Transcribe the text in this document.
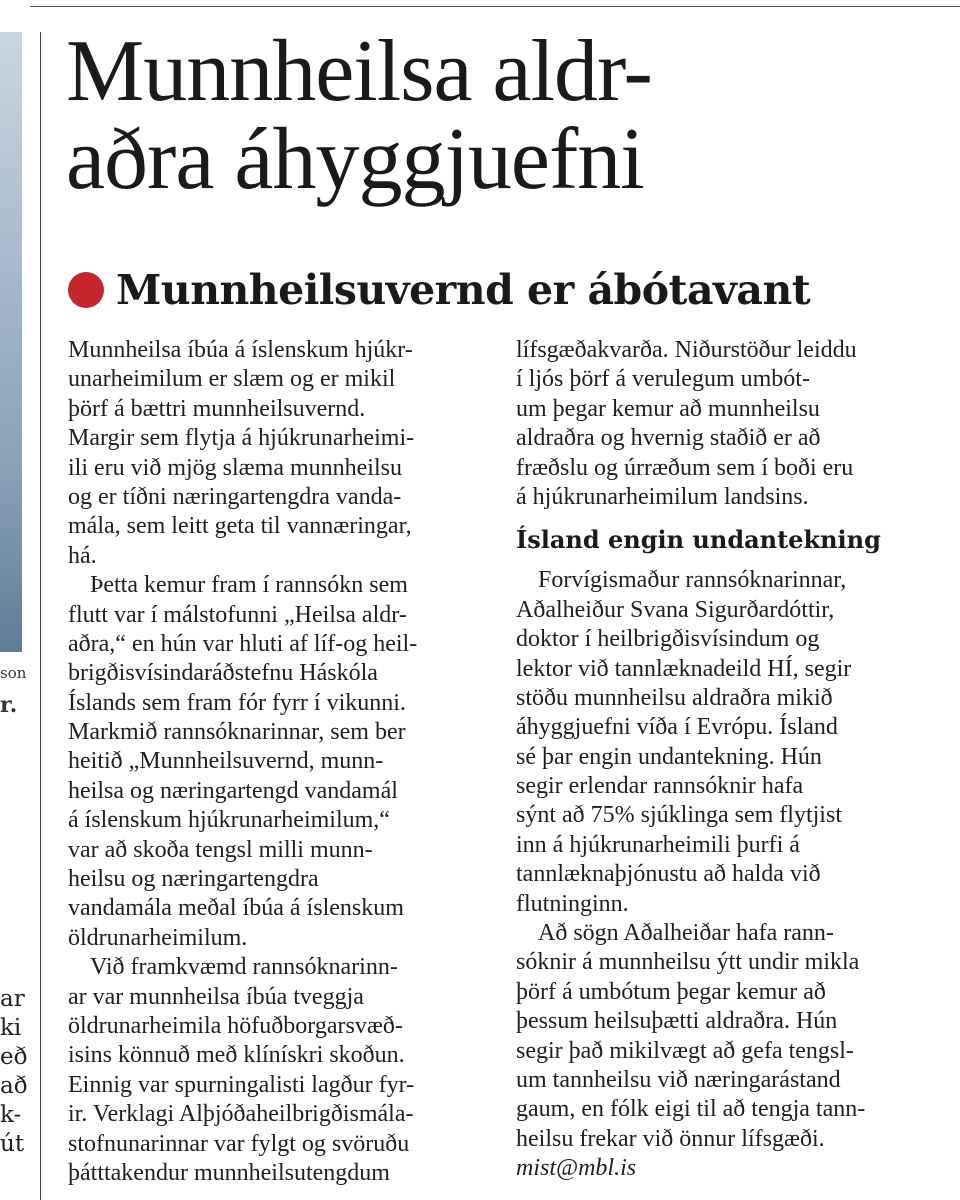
son
r.
ar
ki
eð
að
k-
út
Munnheilsa aldr-
aðra áhyggjuefni
Munnheilsuvernd er ábótavant
Munnheilsa íbúa á íslenskum hjúkr-
unarheimilum er slæm og er mikil
þörf á bættri munnheilsuvernd.
Margir sem flytja á hjúkrunarheimi-
ili eru við mjög slæma munnheilsu
og er tíðni næringartengdra vanda-
mála, sem leitt geta til vannæringar,
há.
Þetta kemur fram í rannsókn sem
flutt var í málstofunni „Heilsa aldr-
aðra,“ en hún var hluti af líf-og heil-
brigðisvísindaráðstefnu Háskóla
Íslands sem fram fór fyrr í vikunni.
Markmið rannsóknarinnar, sem ber
heitið „Munnheilsuvernd, munn-
heilsa og næringartengd vandamál
á íslenskum hjúkrunarheimilum,“
var að skoða tengsl milli munn-
heilsu og næringartengdra
vandamála meðal íbúa á íslenskum
öldrunarheimilum.
Við framkvæmd rannsóknarinn-
ar var munnheilsa íbúa tveggja
öldrunarheimila höfuðborgarsvæð-
isins könnuð með klínískri skoðun.
Einnig var spurningalisti lagður fyr-
ir. Verklagi Alþjóðaheilbrigðismála-
stofnunarinnar var fylgt og svöruðu
þátttakendur munnheilsutengdum
lífsgæðakvarða. Niðurstöður leiddu
í ljós þörf á verulegum umbót-
um þegar kemur að munnheilsu
aldraðra og hvernig staðið er að
fræðslu og úrræðum sem í boði eru
á hjúkrunarheimilum landsins.
Ísland engin undantekning
Forvígismaður rannsóknarinnar,
Aðalheiður Svana Sigurðardóttir,
doktor í heilbrigðisvísindum og
lektor við tannlæknadeild HÍ, segir
stöðu munnheilsu aldraðra mikið
áhyggjuefni víða í Evrópu. Ísland
sé þar engin undantekning. Hún
segir erlendar rannsóknir hafa
sýnt að 75% sjúklinga sem flytjist
inn á hjúkrunarheimili þurfi á
tannlæknaþjónustu að halda við
flutninginn.
Að sögn Aðalheiðar hafa rann-
sóknir á munnheilsu ýtt undir mikla
þörf á umbótum þegar kemur að
þessum heilsuþætti aldraðra. Hún
segir það mikilvægt að gefa tengsl-
um tannheilsu við næringarástand
gaum, en fólk eigi til að tengja tann-
heilsu frekar við önnur lífsgæði.
mist@mbl.is
